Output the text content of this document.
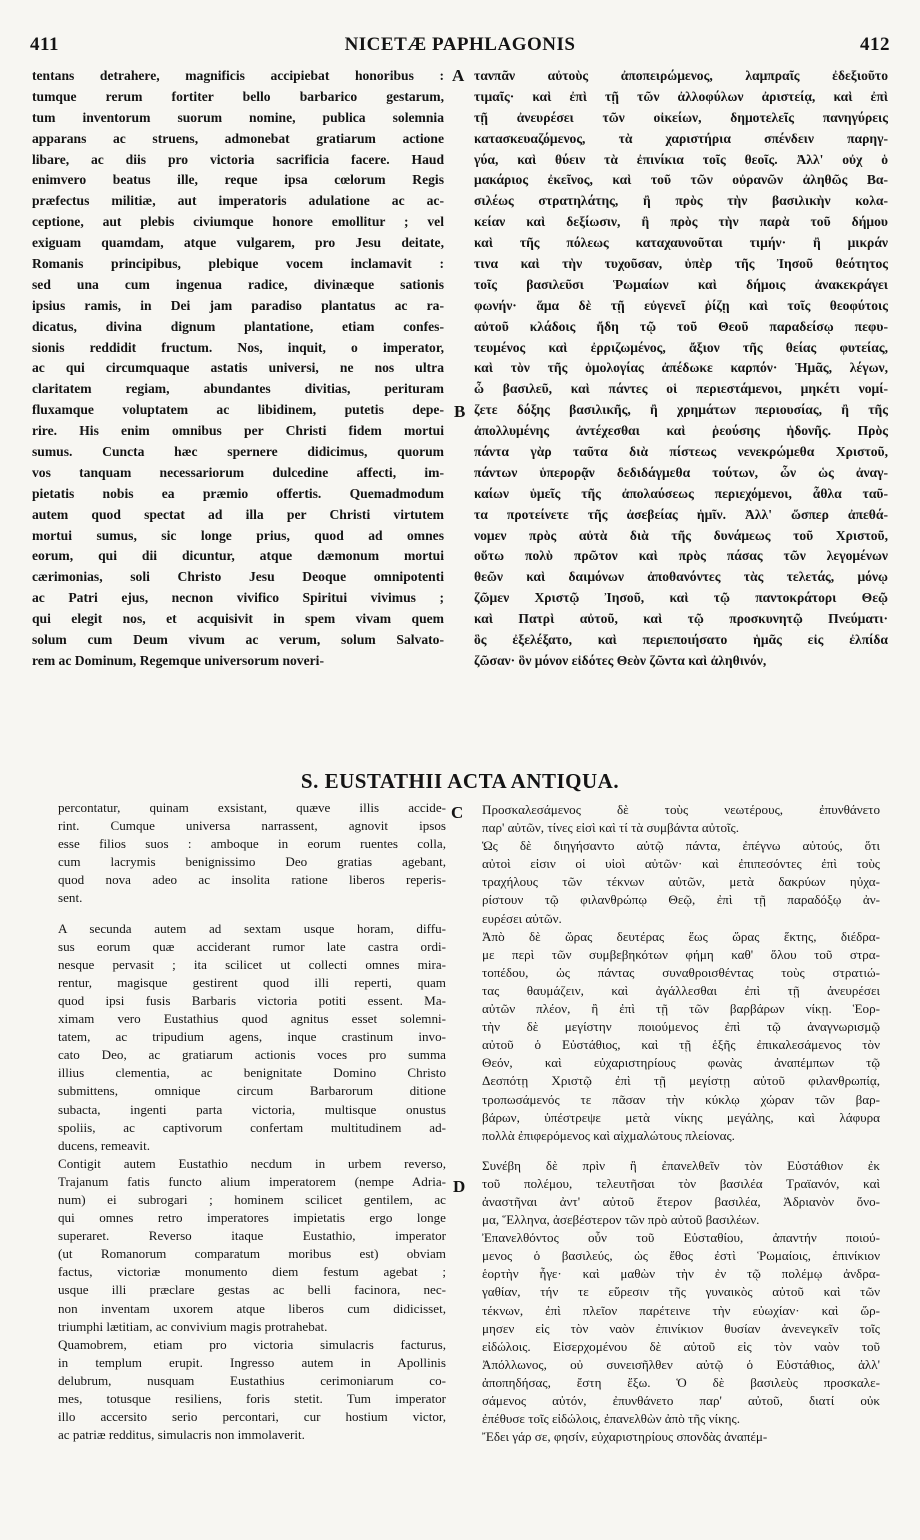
411	NICETÆ PAPHLAGONIS	412
tentans detrahere, magnificis accipiebat honoribus :
tumque rerum fortiter bello barbarico gestarum,
tum inventorum suorum nomine, publica solemnia
apparans ac struens, admonebat gratiarum actione
libare, ac diis pro victoria sacrificia facere. Haud
enimvero beatus ille, reque ipsa cœlorum Regis
præfectus militiæ, aut imperatoris adulatione ac ac-
ceptione, aut plebis civiumque honore emollitur ; vel
exiguam quamdam, atque vulgarem, pro Jesu deitate,
Romanis principibus, plebique vocem inclamavit :
sed una cum ingenua radice, divinæque sationis
ipsius ramis, in Dei jam paradiso plantatus ac ra-
dicatus, divina dignum plantatione, etiam confes-
sionis reddidit fructum. Nos, inquit, o imperator,
ac qui circumquaque astatis universi, ne nos ultra
claritatem regiam, abundantes divitias, perituram
fluxamque voluptatem ac libidinem, putetis depe-
rire. His enim omnibus per Christi fidem mortui
sumus. Cuncta hæc spernere didicimus, quorum
vos tanquam necessariorum dulcedine affecti, im-
pietatis nobis ea præmio offertis. Quemadmodum
autem quod spectat ad illa per Christi virtutem
mortui sumus, sic longe prius, quod ad omnes
eorum, qui dii dicuntur, atque dæmonum mortui
cærimonias, soli Christo Jesu Deoque omnipotenti
ac Patri ejus, necnon vivifico Spiritui vivimus ;
qui elegit nos, et acquisivit in spem vivam quem
solum cum Deum vivum ac verum, solum Salvato-
rem ac Dominum, Regemque universorum noveri-
τανπᾶν αὐτοὺς ἀποπειρώμενος, λαμπραῖς ἐδεξιοῦτο
τιμαῖς· καὶ ἐπὶ τῇ τῶν ἀλλοφύλων ἀριστείᾳ, καὶ ἐπὶ
τῇ ἀνευρέσει τῶν οἰκείων, δημοτελεῖς πανηγύρεις
κατασκευαζόμενος, τὰ χαριστήρια σπένδειν παρηγ-
γύα, καὶ θύειν τὰ ἐπινίκια τοῖς θεοῖς. Ἀλλ' οὐχ ὁ
μακάριος ἐκεῖνος, καὶ τοῦ τῶν οὐρανῶν ἀληθῶς Βα-
σιλέως στρατηλάτης, ἢ πρὸς τὴν βασιλικὴν κολα-
κείαν καὶ δεξίωσιν, ἢ πρὸς τὴν παρὰ τοῦ δήμου
καὶ τῆς πόλεως καταχαυνοῦται τιμήν· ἢ μικράν
τινα καὶ τὴν τυχοῦσαν, ὑπὲρ τῆς Ἰησοῦ θεότητος
τοῖς βασιλεῦσι Ῥωμαίων καὶ δήμοις ἀνακεκράγει
φωνήν· ἅμα δὲ τῇ εὐγενεῖ ῥίζῃ καὶ τοῖς θεοφύτοις
αὐτοῦ κλάδοις ἤδη τῷ τοῦ Θεοῦ παραδείσῳ πεφυ-
τευμένος καὶ ἐρριζωμένος, ἄξιον τῆς θείας φυτείας,
καὶ τὸν τῆς ὁμολογίας ἀπέδωκε καρπόν· Ἡμᾶς, λέγων,
ὦ βασιλεῦ, καὶ πάντες οἱ περιεστάμενοι, μηκέτι νομί-
ζετε δόξης βασιλικῆς, ἢ χρημάτων περιουσίας, ἢ τῆς
ἀπολλυμένης ἀντέχεσθαι καὶ ῥεούσης ἡδονῆς. Πρὸς
πάντα γὰρ ταῦτα διὰ πίστεως νενεκρώμεθα Χριστοῦ,
πάντων ὑπερορᾷν δεδιδάγμεθα τούτων, ὧν ὡς ἀναγ-
καίων ὑμεῖς τῆς ἀπολαύσεως περιεχόμενοι, ἆθλα ταῦ-
τα προτείνετε τῆς ἀσεβείας ἡμῖν. Ἀλλ' ὥσπερ ἀπεθά-
νομεν πρὸς αὐτὰ διὰ τῆς δυνάμεως τοῦ Χριστοῦ,
οὕτω πολὺ πρῶτον καὶ πρὸς πάσας τῶν λεγομένων
θεῶν καὶ δαιμόνων ἀποθανόντες τὰς τελετάς, μόνῳ
ζῶμεν Χριστῷ Ἰησοῦ, καὶ τῷ παντοκράτορι Θεῷ
καὶ Πατρὶ αὐτοῦ, καὶ τῷ προσκυνητῷ Πνεύματι·
ὃς ἐξελέξατο, καὶ περιεποιήσατο ἡμᾶς εἰς ἐλπίδα
ζῶσαν· ὃν μόνον εἰδότες Θεὸν ζῶντα καὶ ἀληθινόν,
A
B
S. EUSTATHII ACTA ANTIQUA.
percontatur, quinam exsistant, quæve illis accide-
rint. Cumque universa narrassent, agnovit ipsos
esse filios suos : amboque in eorum ruentes colla,
cum lacrymis benignissimo Deo gratias agebant,
quod nova adeo ac insolita ratione liberos reperis-
sent.
A secunda autem ad sextam usque horam, diffu-
sus eorum quæ acciderant rumor late castra ordi-
nesque pervasit ; ita scilicet ut collecti omnes mira-
rentur, magisque gestirent quod illi reperti, quam
quod ipsi fusis Barbaris victoria potiti essent. Ma-
ximam vero Eustathius quod agnitus esset solemni-
tatem, ac tripudium agens, inque crastinum invo-
cato Deo, ac gratiarum actionis voces pro summa
illius clementia, ac benignitate Domino Christo
submittens, omnique circum Barbarorum ditione
subacta, ingenti parta victoria, multisque onustus
spoliis, ac captivorum confertam multitudinem ad-
ducens, remeavit.
Contigit autem Eustathio necdum in urbem reverso,
Trajanum fatis functo alium imperatorem (nempe Adria-
num) ei subrogari ; hominem scilicet gentilem, ac
qui omnes retro imperatores impietatis ergo longe
superaret. Reverso itaque Eustathio, imperator
(ut Romanorum comparatum moribus est) obviam
factus, victoriæ monumento diem festum agebat ;
usque illi præclare gestas ac belli facinora, nec-
non inventam uxorem atque liberos cum didicisset,
triumphi lætitiam, ac convivium magis protrahebat.
Quamobrem, etiam pro victoria simulacris facturus,
in templum erupit. Ingresso autem in Apollinis
delubrum, nusquam Eustathius cerimoniarum co-
mes, totusque resiliens, foris stetit. Tum imperator
illo accersito serio percontari, cur hostium victor,
ac patriæ redditus, simulacris non immolaverit.
Προσκαλεσάμενος δὲ τοὺς νεωτέρους, ἐπυνθάνετο
παρ' αὐτῶν, τίνες εἰσὶ καὶ τί τὰ συμβάντα αὐτοῖς.
Ὡς δὲ διηγήσαντο αὐτῷ πάντα, ἐπέγνω αὐτούς, ὅτι
αὐτοὶ εἰσιν οἱ υἱοὶ αὐτῶν· καὶ ἐπιπεσόντες ἐπὶ τοὺς
τραχήλους τῶν τέκνων αὐτῶν, μετὰ δακρύων ηὐχα-
ρίστουν τῷ φιλανθρώπῳ Θεῷ, ἐπὶ τῇ παραδόξῳ ἀν-
ευρέσει αὐτῶν.
Ἀπὸ δὲ ὥρας δευτέρας ἕως ὥρας ἕκτης, διέδρα-
με περὶ τῶν συμβεβηκότων φήμη καθ' ὅλου τοῦ στρα-
τοπέδου, ὡς πάντας συναθροισθέντας τοὺς στρατιώ-
τας θαυμάζειν, καὶ ἀγάλλεσθαι ἐπὶ τῇ ἀνευρέσει
αὐτῶν πλέον, ἢ ἐπὶ τῇ τῶν βαρβάρων νίκῃ. Ἑορ-
τὴν δὲ μεγίστην ποιούμενος ἐπὶ τῷ ἀναγνωρισμῷ
αὐτοῦ ὁ Εὐστάθιος, καὶ τῇ ἑξῆς ἐπικαλεσάμενος τὸν
Θεόν, καὶ εὐχαριστηρίους φωνὰς ἀναπέμπων τῷ
Δεσπότῃ Χριστῷ ἐπὶ τῇ μεγίστῃ αὐτοῦ φιλανθρωπίᾳ,
τροπωσάμενός τε πᾶσαν τὴν κύκλῳ χώραν τῶν βαρ-
βάρων, ὑπέστρεψε μετὰ νίκης μεγάλης, καὶ λάφυρα
πολλὰ ἐπιφερόμενος καὶ αἰχμαλώτους πλείονας.
Συνέβη δὲ πρὶν ἢ ἐπανελθεῖν τὸν Εὐστάθιον ἐκ
τοῦ πολέμου, τελευτῆσαι τὸν βασιλέα Τραϊανόν, καὶ
ἀναστῆναι ἀντ' αὐτοῦ ἕτερον βασιλέα, Ἀδριανὸν ὄνο-
μα, Ἕλληνα, ἀσεβέστερον τῶν πρὸ αὐτοῦ βασιλέων.
Ἐπανελθόντος οὖν τοῦ Εὐσταθίου, ἀπαντήν ποιού-
μενος ὁ βασιλεύς, ὡς ἔθος ἐστὶ Ῥωμαίοις, ἐπινίκιον
ἑορτὴν ἦγε· καὶ μαθὼν τὴν ἐν τῷ πολέμῳ ἀνδρα-
γαθίαν, τήν τε εὕρεσιν τῆς γυναικὸς αὐτοῦ καὶ τῶν
τέκνων, ἐπὶ πλεῖον παρέτεινε τὴν εὐωχίαν· καὶ ὥρ-
μησεν εἰς τὸν ναὸν ἐπινίκιον θυσίαν ἀνενεγκεῖν τοῖς
εἰδώλοις. Εἰσερχομένου δὲ αὐτοῦ εἰς τὸν ναὸν τοῦ
Ἀπόλλωνος, οὐ συνεισῆλθεν αὐτῷ ὁ Εὐστάθιος, ἀλλ'
ἀποπηδήσας, ἔστη ἔξω. Ὁ δὲ βασιλεὺς προσκαλε-
σάμενος αὐτόν, ἐπυνθάνετο παρ' αὐτοῦ, διατί οὐκ
ἐπέθυσε τοῖς εἰδώλοις, ἐπανελθὼν ἀπὸ τῆς νίκης.
Ἔδει γάρ σε, φησίν, εὐχαριστηρίους σπονδὰς ἀναπέμ-
C
D
